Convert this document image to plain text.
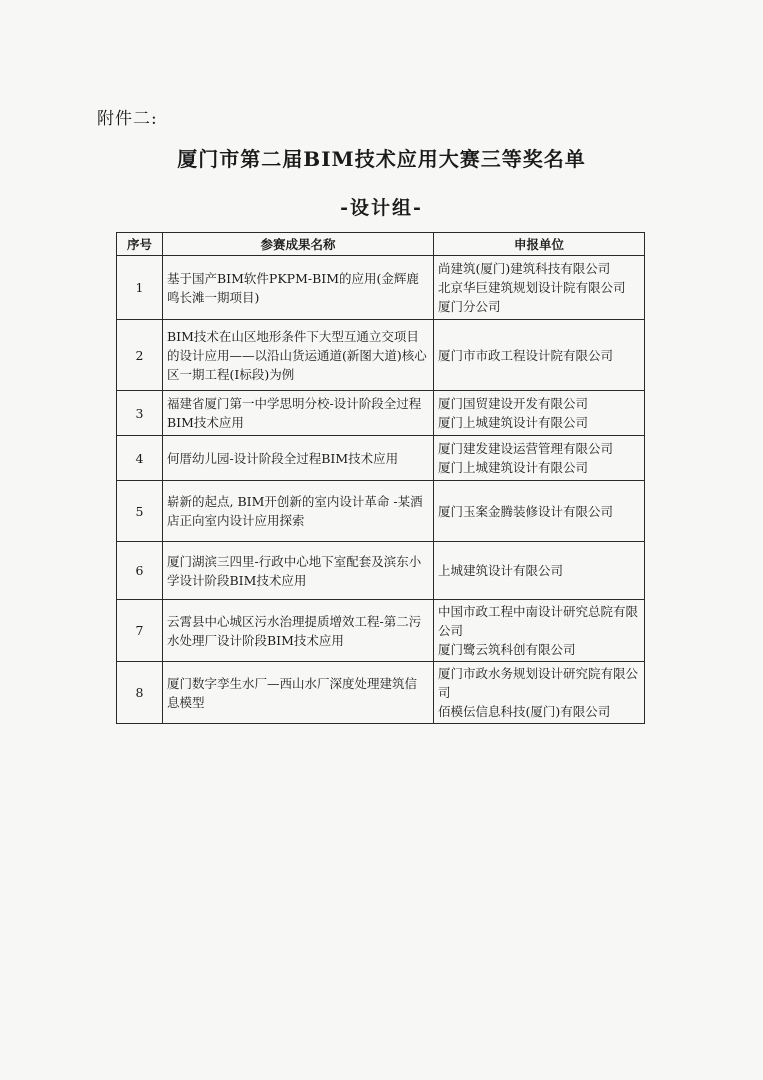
附件二:
厦门市第二届BIM技术应用大赛三等奖名单
-设计组-
序号	参赛成果名称	申报单位
1	基于国产BIM软件PKPM-BIM的应用(金辉鹿鸣长滩一期项目)	尚建筑(厦门)建筑科技有限公司
北京华巨建筑规划设计院有限公司
厦门分公司

2	BIM技术在山区地形条件下大型互通立交项目的设计应用——以沿山货运通道(新图大道)核心区一期工程(Ⅰ标段)为例	厦门市市政工程设计院有限公司

3	福建省厦门第一中学思明分校-设计阶段全过程BIM技术应用	厦门国贸建设开发有限公司
厦门上城建筑设计有限公司

4	何厝幼儿园-设计阶段全过程BIM技术应用	厦门建发建设运营管理有限公司
厦门上城建筑设计有限公司

5	崭新的起点, BIM开创新的室内设计革命 -某酒店正向室内设计应用探索	厦门玉案金腾装修设计有限公司

6	厦门湖滨三四里-行政中心地下室配套及滨东小学设计阶段BIM技术应用	上城建筑设计有限公司

7	云霄县中心城区污水治理提质增效工程-第二污水处理厂设计阶段BIM技术应用	中国市政工程中南设计研究总院有限公司
厦门鹭云筑科创有限公司

8	厦门数字孪生水厂—西山水厂深度处理建筑信息模型	厦门市政水务规划设计研究院有限公司
佰模伝信息科技(厦门)有限公司
